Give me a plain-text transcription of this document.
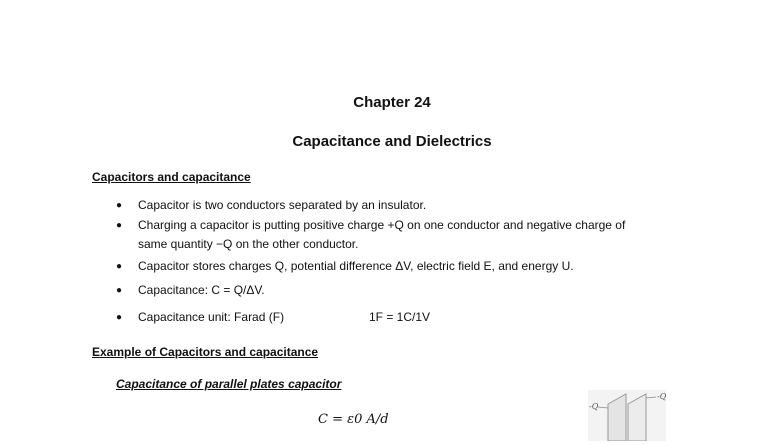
Chapter 24
Capacitance and Dielectrics
Capacitors and capacitance
● Capacitor is two conductors separated by an insulator.
● Charging a capacitor is putting positive charge +Q on one conductor and negative charge of
same quantity −Q on the other conductor.
● Capacitor stores charges Q, potential difference ΔV, electric field E, and energy U.
● Capacitance: C = Q/ΔV.
● Capacitance unit: Farad (F)	1F = 1C/1V
Example of Capacitors and capacitance
Capacitance of parallel plates capacitor
C = ε0 A/d
-Q
-Q
